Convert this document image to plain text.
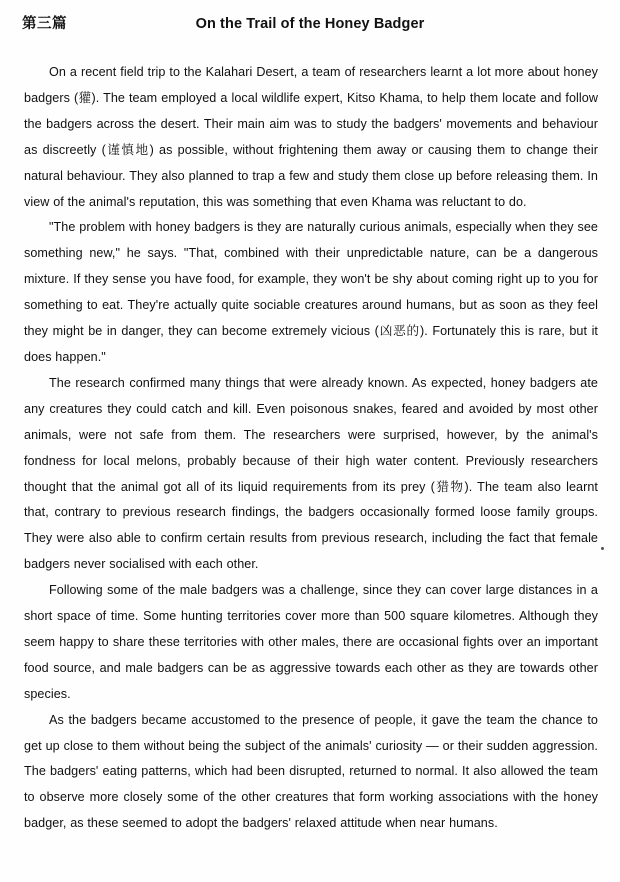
第三篇	On the Trail of the Honey Badger

On a recent field trip to the Kalahari Desert, a team of researchers learnt a lot more about honey badgers (獾). The team employed a local wildlife expert, Kitso Khama, to help them locate and follow the badgers across the desert. Their main aim was to study the badgers' movements and behaviour as discreetly (谨慎地) as possible, without frightening them away or causing them to change their natural behaviour. They also planned to trap a few and study them close up before releasing them. In view of the animal's reputation, this was something that even Khama was reluctant to do.

"The problem with honey badgers is they are naturally curious animals, especially when they see something new," he says. "That, combined with their unpredictable nature, can be a dangerous mixture. If they sense you have food, for example, they won't be shy about coming right up to you for something to eat. They're actually quite sociable creatures around humans, but as soon as they feel they might be in danger, they can become extremely vicious (凶恶的). Fortunately this is rare, but it does happen."

The research confirmed many things that were already known. As expected, honey badgers ate any creatures they could catch and kill. Even poisonous snakes, feared and avoided by most other animals, were not safe from them. The researchers were surprised, however, by the animal's fondness for local melons, probably because of their high water content. Previously researchers thought that the animal got all of its liquid requirements from its prey (猎物). The team also learnt that, contrary to previous research findings, the badgers occasionally formed loose family groups. They were also able to confirm certain results from previous research, including the fact that female badgers never socialised with each other.

Following some of the male badgers was a challenge, since they can cover large distances in a short space of time. Some hunting territories cover more than 500 square kilometres. Although they seem happy to share these territories with other males, there are occasional fights over an important food source, and male badgers can be as aggressive towards each other as they are towards other species.

As the badgers became accustomed to the presence of people, it gave the team the chance to get up close to them without being the subject of the animals' curiosity — or their sudden aggression. The badgers' eating patterns, which had been disrupted, returned to normal. It also allowed the team to observe more closely some of the other creatures that form working associations with the honey badger, as these seemed to adopt the badgers' relaxed attitude when near humans.
